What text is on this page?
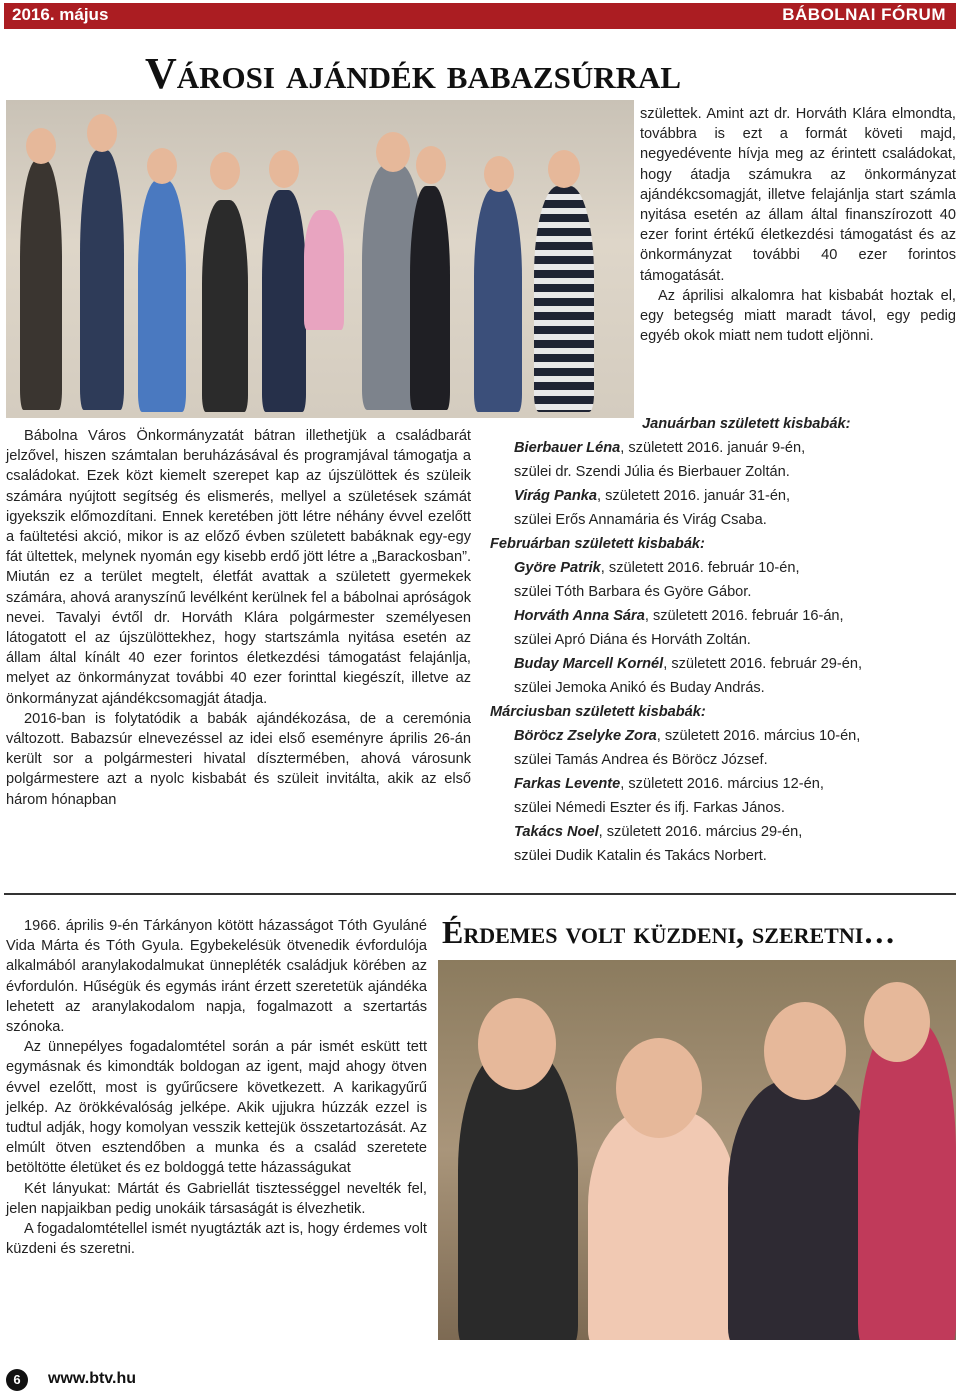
2016. május	BÁBOLNAI FÓRUM
Városi ajándék babazsúrral

Bábolna Város Önkormányzatát bátran illethetjük a családbarát jelzővel, hiszen számtalan beruházásával és programjával támogatja a családokat. Ezek közt kiemelt szerepet kap az újszülöttek és szüleik számára nyújtott segítség és elismerés, mellyel a születések számát igyekszik előmozdítani. Ennek keretében jött létre néhány évvel ezelőtt a faültetési akció, mikor is az előző évben született babáknak egy-egy fát ültettek, melynek nyomán egy kisebb erdő jött létre a „Barackosban”. Miután ez a terület megtelt, életfát avattak a született gyermekek számára, ahová aranyszínű levélként kerülnek fel a bábolnai apróságok nevei. Tavalyi évtől dr. Horváth Klára polgármester személyesen látogatott el az újszülöttekhez, hogy startszámla nyitása esetén az állam által kínált 40 ezer forintos életkezdési támogatást felajánlja, melyet az önkormányzat további 40 ezer forinttal kiegészít, illetve az önkormányzat ajándékcsomagját átadja.

2016-ban is folytatódik a babák ajándékozása, de a ceremónia változott. Babazsúr elnevezéssel az idei első eseményre április 26-án került sor a polgármesteri hivatal dísztermében, ahová városunk polgármestere azt a nyolc kisbabát és szüleit invitálta, akik az első három hónapban

születtek. Amint azt dr. Horváth Klára elmondta, továbbra is ezt a formát követi majd, negyedévente hívja meg az érintett családokat, hogy átadja számukra az önkormányzat ajándékcsomagját, illetve felajánlja start számla nyitása esetén az állam által finanszírozott 40 ezer forint értékű életkezdési támogatást és az önkormányzat további 40 ezer forintos támogatását.

Az áprilisi alkalomra hat kisbabát hoztak el, egy betegség miatt maradt távol, egy pedig egyéb okok miatt nem tudott eljönni.

Januárban született kisbabák:
Bierbauer Léna, született 2016. január 9-én,
szülei dr. Szendi Júlia és Bierbauer Zoltán.
Virág Panka, született 2016. január 31-én,
szülei Erős Annamária és Virág Csaba.
Februárban született kisbabák:
Györe Patrik, született 2016. február 10-én,
szülei Tóth Barbara és Györe Gábor.
Horváth Anna Sára, született 2016. február 16-án,
szülei Apró Diána és Horváth Zoltán.
Buday Marcell Kornél, született 2016. február 29-én,
szülei Jemoka Anikó és Buday András.
Márciusban született kisbabák:
Böröcz Zselyke Zora, született 2016. március 10-én,
szülei Tamás Andrea és Böröcz József.
Farkas Levente, született 2016. március 12-én,
szülei Némedi Eszter és ifj. Farkas János.
Takács Noel, született 2016. március 29-én,
szülei Dudik Katalin és Takács Norbert.

1966. április 9-én Tárkányon kötött házasságot Tóth Gyuláné Vida Márta és Tóth Gyula. Egybekelésük ötvenedik évfordulója alkalmából aranylakodalmukat ünnepléték családjuk körében az évfordulón. Hűségük és egymás iránt érzett szeretetük ajándéka lehetett az aranylakodalom napja, fogalmazott a szertartás szónoka.

Az ünnepélyes fogadalomtétel során a pár ismét eskütt tett egymásnak és kimondták boldogan az igent, majd ahogy ötven évvel ezelőtt, most is gyűrűcsere következett. A karikagyűrű jelkép. Az örökkévalóság jelképe. Akik ujjukra húzzák ezzel is tudtul adják, hogy komolyan vesszik kettejük összetartozását. Az elmúlt ötven esztendőben a munka és a család szeretete betöltötte életüket és ez boldoggá tette házasságukat

Két lányukat: Mártát és Gabriellát tisztességgel nevelték fel, jelen napjaikban pedig unokáik társaságát is élvezhetik.

A fogadalomtétellel ismét nyugtázták azt is, hogy érdemes volt küzdeni és szeretni.

Érdemes volt küzdeni, szeretni…
6	www.btv.hu
